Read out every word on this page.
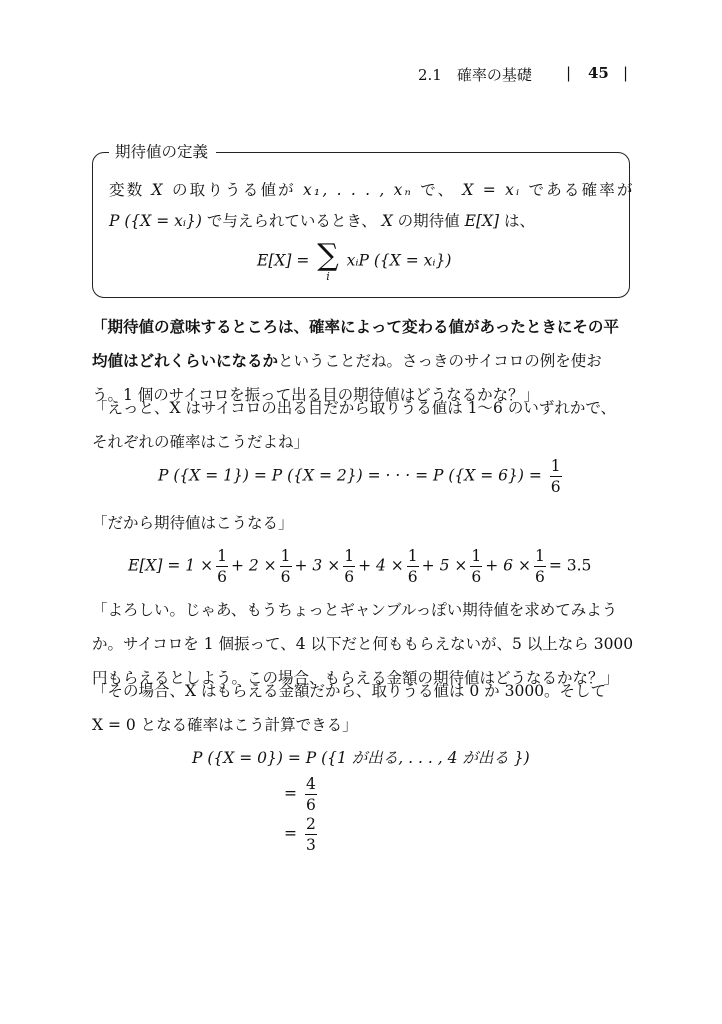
2.1　確率の基礎 | 45 |
期待値の定義
変数 X の取りうる値が x₁, . . . , xₙ で、 X = xᵢ である確率が
P ({X = xᵢ}) で与えられているとき、 X の期待値 E[X] は、
E[X] = ∑
i
xᵢP ({X = xᵢ})

「期待値の意味するところは、確率によって変わる値があったときにその平

均値はどれくらいになるかということだね。さっきのサイコロの例を使お

う。1 個のサイコロを振って出る目の期待値はどうなるかな？」

「えっと、X はサイコロの出る目だから取りうる値は 1〜6 のいずれかで、

それぞれの確率はこうだよね」

P ({X = 1}) = P ({X = 2}) = · · · = P $(\{X = 6\}) = \frac{1}{6}$

「だから期待値はこうなる」

$E[X] = 1 \times \frac{1}{6} + 2 \times \frac{1}{6} + 3 \times \frac{1}{6} + 4 \times \frac{1}{6} + 5 \times \frac{1}{6} + 6 \times \frac{1}{6} = 3.5$

「よろしい。じゃあ、もうちょっとギャンブルっぽい期待値を求めてみよう

か。サイコロを 1 個振って、4 以下だと何ももらえないが、5 以上なら 3000

円もらえるとしよう。この場合、もらえる金額の期待値はどうなるかな？」

「その場合、X はもらえる金額だから、取りうる値は 0 か 3000。そして

X = 0 となる確率はこう計算できる」

P ({X = 0}) = P ({1 が出る, . . . , 4 が出る })
= $\frac{4}{6}$
= $\frac{2}{3}$
